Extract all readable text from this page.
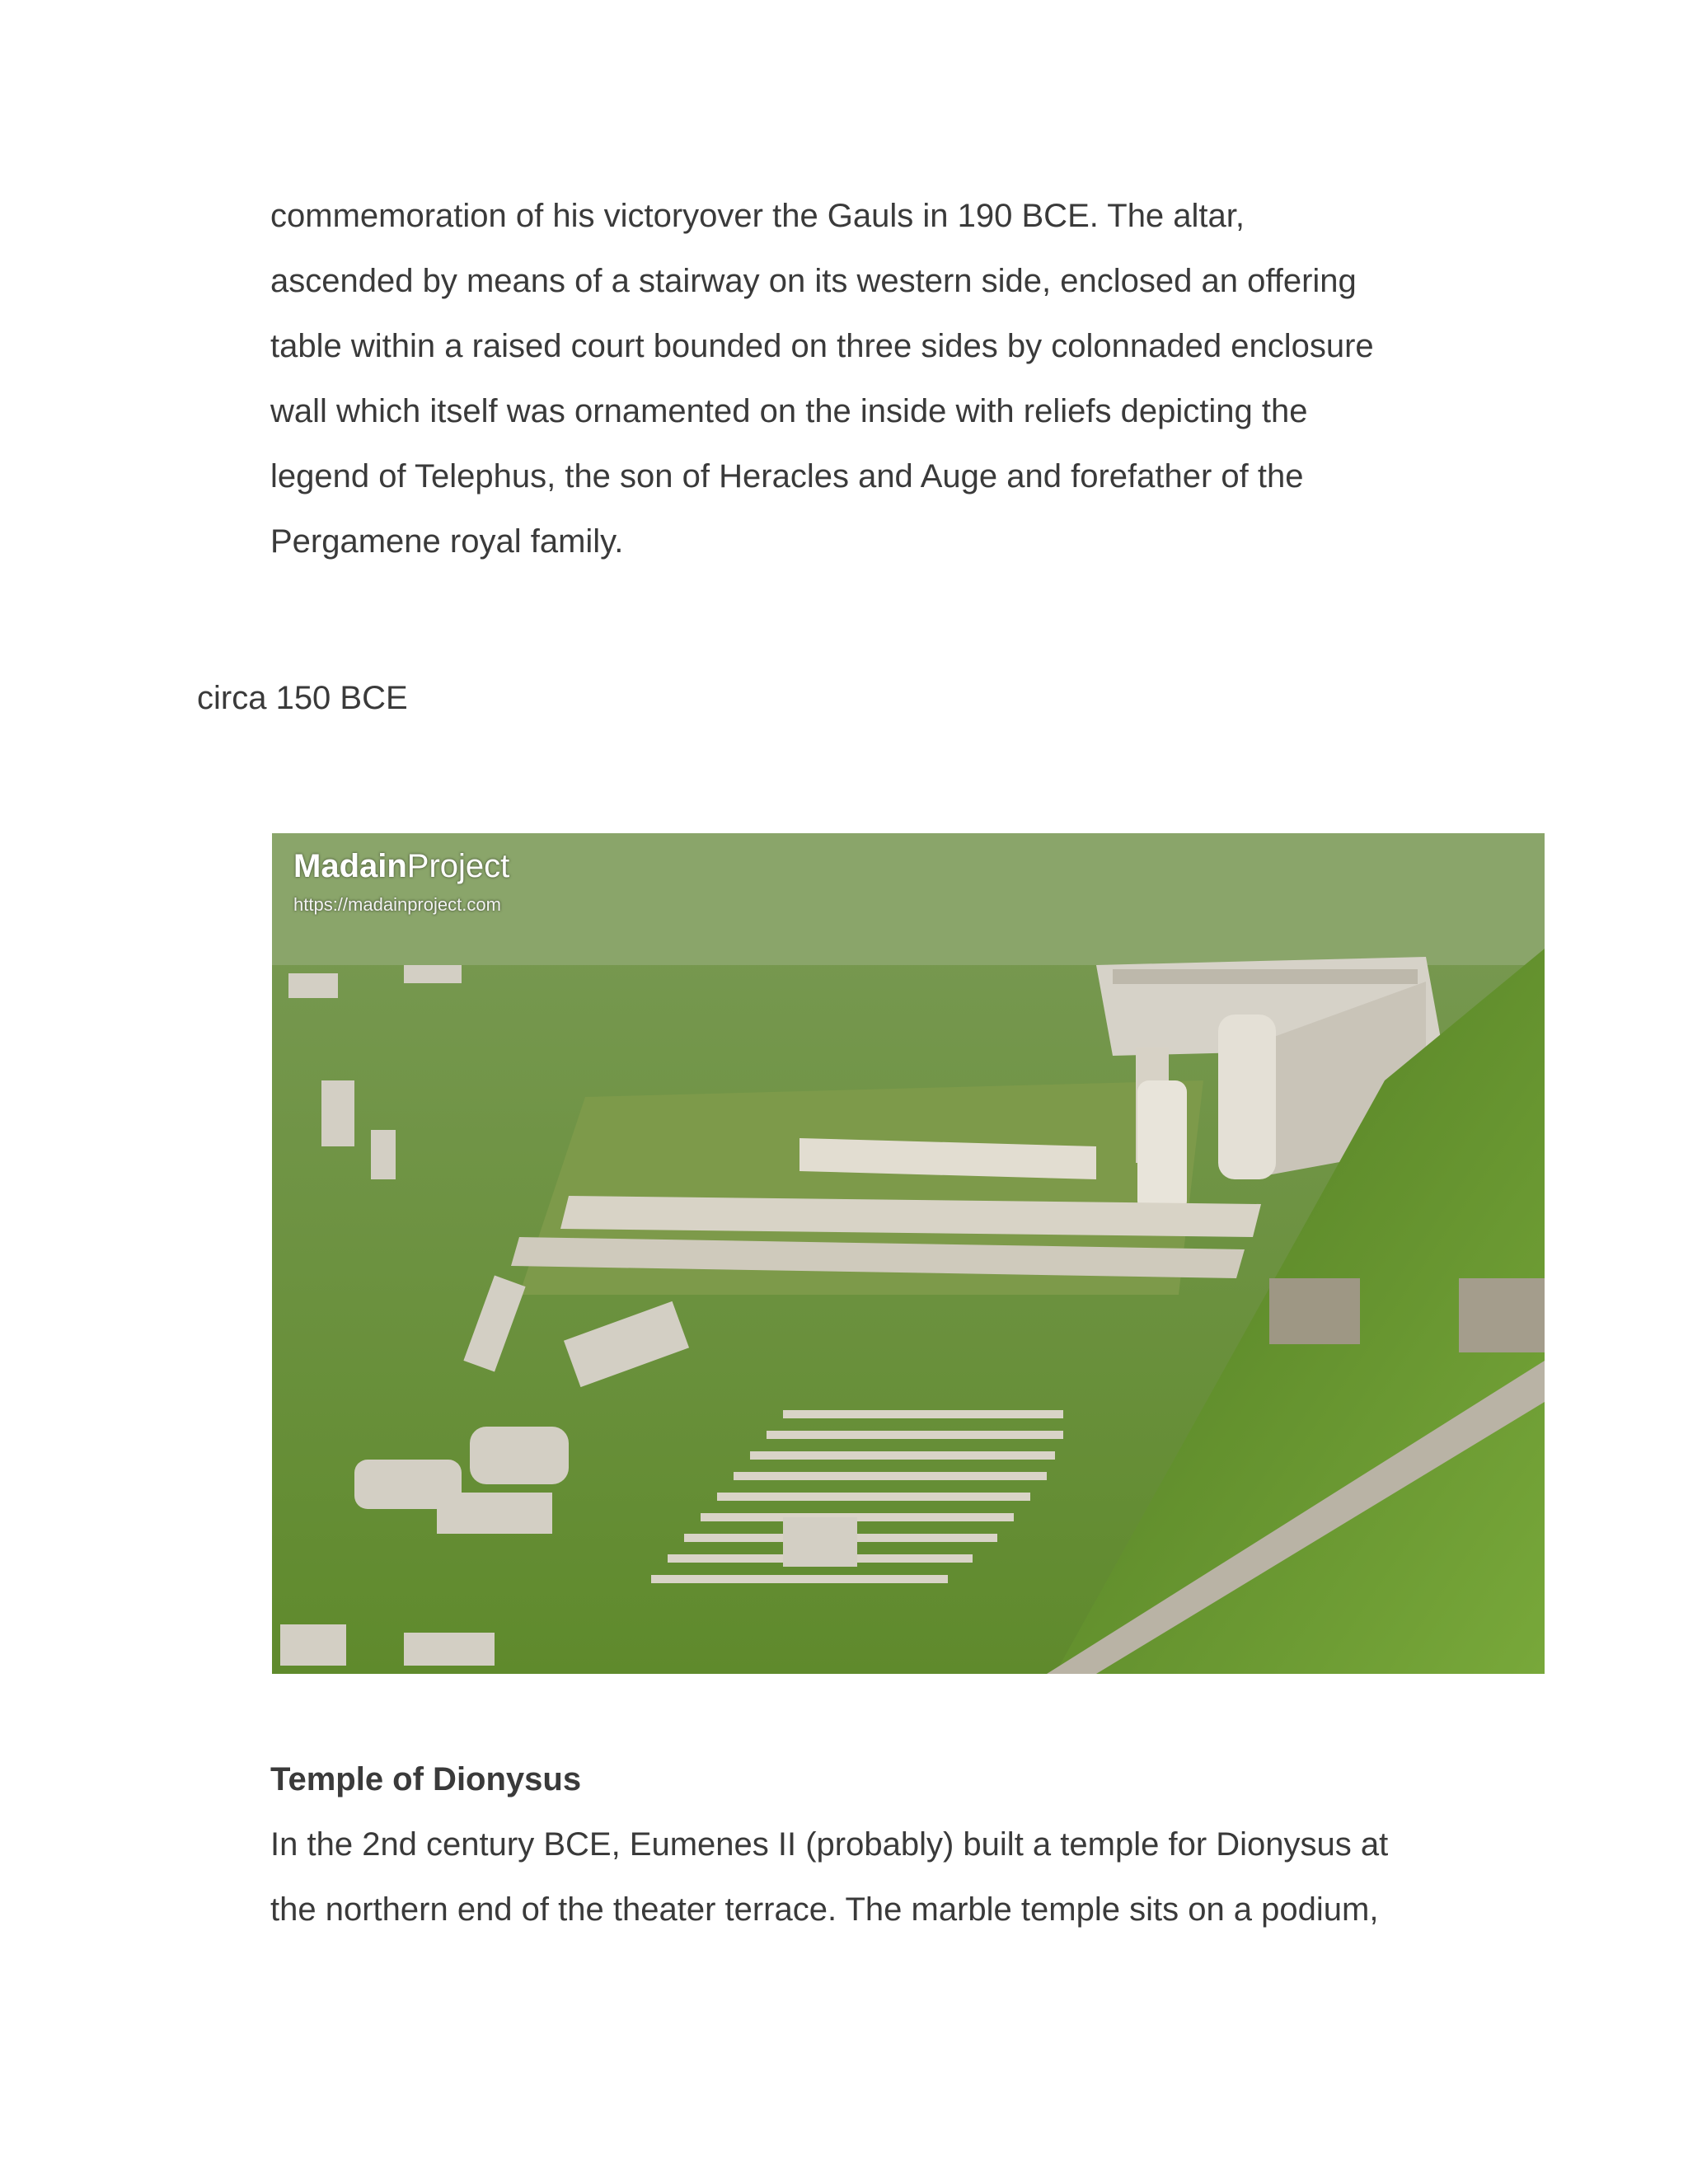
commemoration of his victoryover the Gauls in 190 BCE. The altar,
ascended by means of a stairway on its western side, enclosed an offering
table within a raised court bounded on three sides by colonnaded enclosure
wall which itself was ornamented on the inside with reliefs depicting the
legend of Telephus, the son of Heracles and Auge and forefather of the
Pergamene royal family.

circa 150 BCE

MadainProject
https://madainproject.com
Temple of Dionysus

In the 2nd century BCE, Eumenes II (probably) built a temple for Dionysus at
the northern end of the theater terrace. The marble temple sits on a podium,
